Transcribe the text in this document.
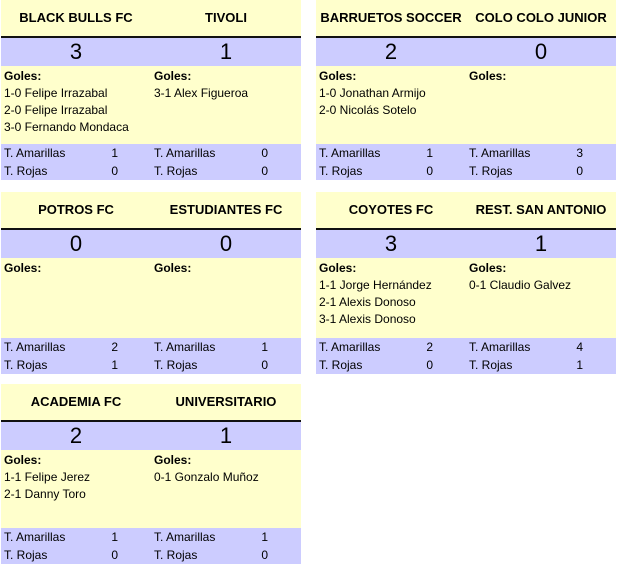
BLACK BULLS FC	TIVOLI
3	1
Goles:
1-0 Felipe Irrazabal
2-0 Felipe Irrazabal
3-0 Fernando Mondaca
Goles:
3-1 Alex Figueroa
T. Amarillas	1	T. Amarillas	0
T. Rojas	0	T. Rojas	0
BARRUETOS SOCCER	COLO COLO JUNIOR
2	0
Goles:
1-0 Jonathan Armijo
2-0 Nicolás Sotelo
Goles:
T. Amarillas	1	T. Amarillas	3
T. Rojas	0	T. Rojas	0
POTROS FC	ESTUDIANTES FC
0	0
Goles:	Goles:
T. Amarillas	2	T. Amarillas	1
T. Rojas	1	T. Rojas	0
COYOTES FC	REST. SAN ANTONIO
3	1
Goles:
1-1 Jorge Hernández
2-1 Alexis Donoso
3-1 Alexis Donoso
Goles:
0-1 Claudio Galvez
T. Amarillas	2	T. Amarillas	4
T. Rojas	0	T. Rojas	1
ACADEMIA FC	UNIVERSITARIO
2	1
Goles:
1-1 Felipe Jerez
2-1 Danny Toro
Goles:
0-1 Gonzalo Muñoz
T. Amarillas	1	T. Amarillas	1
T. Rojas	0	T. Rojas	0
